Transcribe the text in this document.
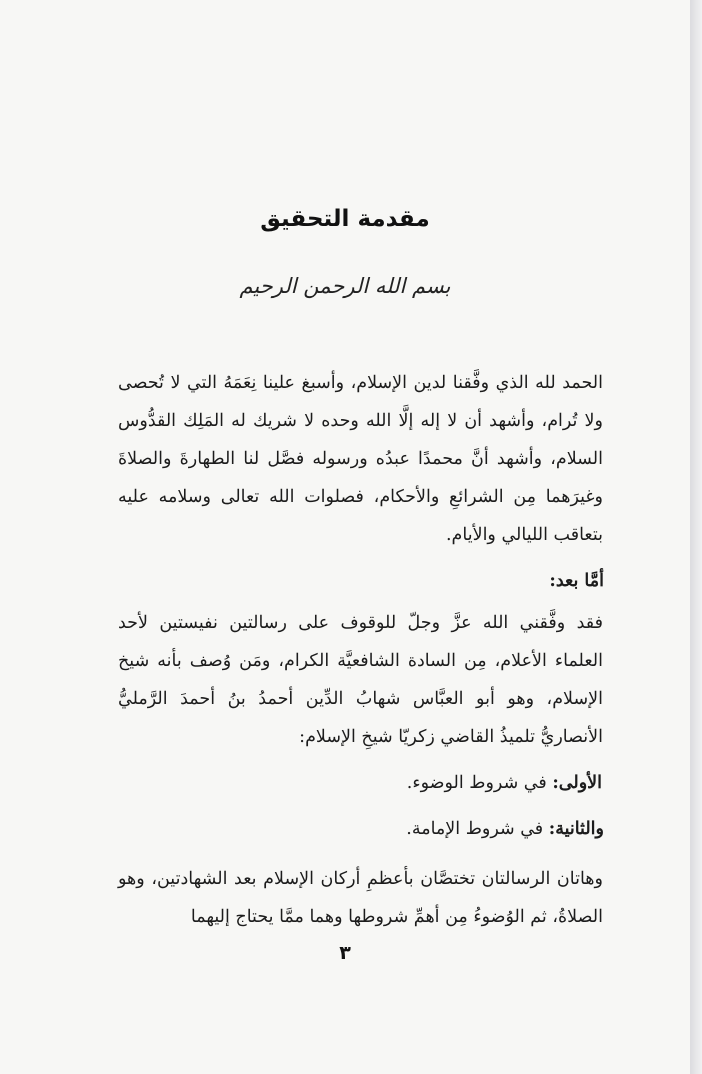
مقدمة التحقيق
بسم الله الرحمن الرحيم

الحمد لله الذي وفَّقنا لدين الإسلام، وأسبغ علينا نِعَمَهُ التي لا تُحصى ولا تُرام، وأشهد أن لا إله إلَّا الله وحده لا شريك له المَلِك القدُّوس السلام، وأشهد أنَّ محمدًا عبدُه ورسوله فصَّل لنا الطهارةَ والصلاةَ وغيرَهما مِن الشرائعِ والأحكام، فصلوات الله تعالى وسلامه عليه بتعاقب الليالي والأيام.

أمَّا بعد:

فقد وفَّقني الله عزَّ وجلّ للوقوف على رسالتين نفيستين لأحد العلماء الأعلام، مِن السادة الشافعيَّة الكرام، ومَن وُصف بأنه شيخ الإسلام، وهو أبو العبَّاس شهابُ الدِّين أحمدُ بنُ أحمدَ الرَّمليُّ الأنصاريُّ تلميذُ القاضي زكريّا شيخِ الإسلام:

الأولى: في شروط الوضوء.

والثانية: في شروط الإمامة.

وهاتان الرسالتان تختصَّان بأعظمِ أركان الإسلام بعد الشهادتين، وهو الصلاةُ، ثم الوُضوءُ مِن أهمِّ شروطها وهما ممَّا يحتاج إليهما

٣
